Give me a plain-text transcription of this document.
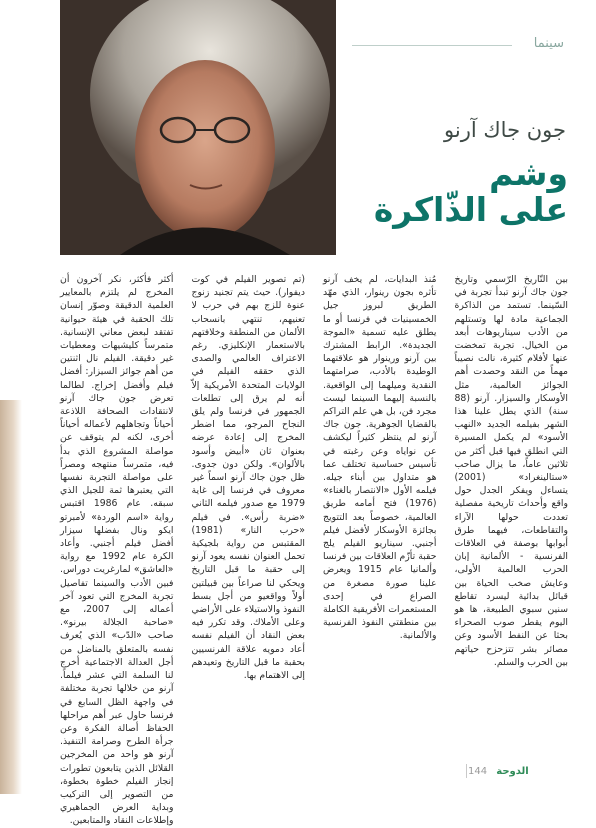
سينما
جون جاك آرنو
وشم
على الذّاكرة

بين التّاريخ الرّسمي وتاريخ جون جاك آرنو تبدأ تجربة في السّينما. تستمد من الذاكرة الجماعية مادة لها وتستلهم من الأدب سيناريوهات أبعد من الخيال. تجربة تمخضت عنها لأفلام كثيرة، نالت نصيباً مهماً من النقد وحصدت أهم الجوائز العالمية، مثل الأوسكار والسيزار. آرنو (88 سنة) الذي يطل علينا هذا الشهر بفيلمه الجديد «النهب الأسود» لم يكمل المسيرة التي انطلق فيها قبل أكثر من ثلاثين عاماً، ما يزال صاحب «ستالينغراد» (2001) يتساءل ويفكر الجدل حول واقع وأحداث تاريخية مفصلية تعددت حولها الآراء والتقاطعات، فيهما طرق أبوابها بوصفة في العلاقات الفرنسية - الألمانية إبان الحرب العالمية الأولى، وعايش صخب الحياة بين قبائل بدائية ليسرد تقاطع سنين سبوي الطبيعة، ها هو اليوم يقطر صوب الصحراء بحثا عن النفط الأسود وعن مصائر بشر تتزحزح حياتهم بين الحرب والسلم.

مُنذ البدايات، لم يخف آرنو تأثره بجون رينوار، الذي مهّد الطريق لبروز جيل الخمسينيات في فرنسا أو ما يطلق عليه تسمية «الموجة الجديدة». الرابط المشترك بين آرنو ورينوار هو علاقتهما الوطيدة بالأدب، صرامتهما النقدية وميلهما إلى الواقعية. بالنسبة إليهما السينما ليست مجرد فن، بل هي علم التراكم بالقضايا الجوهرية. جون جاك آرنو لم ينتظر كثيراً ليكشف عن نواياه وعن رغبته في تأسيس حساسية تختلف عما هو متداول بين أبناء جيله. فيلمه الأول «الانتصار بالغناء» (1976) فتح أمامه طريق العالمية، خصوصاً بعد التتويج بجائزة الأوسكار لأفضل فيلم أجنبي. سيناريو الفيلم يلج حقبة تأزّم العلاقات بين فرنسا وألمانيا عام 1915 ويعرض علينا صورة مصغرة من الصراع في إحدى المستعمرات الأفريقية الكاملة بين منطقتي النفوذ الفرنسية والألمانية.

(تم تصوير الفيلم في كوت ديفوار). حيث يتم تجنيد زنوج عنوة للزج بهم في حرب لا تعنيهم، تنتهي بانسحاب الألمان من المنطقة وخلافتهم بالاستعمار الإنكليزي. رغم الاعتراف العالمي والصدى الذي حققه الفيلم في الولايات المتحدة الأمريكية إلاّ أنه لم يرق إلى تطلعات الجمهور في فرنسا ولم يلق النجاح المرجو، مما اضطر المخرج إلى إعادة عرضه بعنوان ثان «أبيض وأسود بالألوان». ولكن دون جدوى. ظل جون جاك آرنو اسماً غير معروف في فرنسا إلى غاية 1979 مع صدور فيلمه الثاني «ضربة رأس». في فيلم «حرب النار» (1981) المقتبس من رواية بلجيكية تحمل العنوان نفسه يعود آرنو إلى حقبة ما قبل التاريخ ويحكي لنا صراعاً بين قبيلتين أولاً وواقعيو من أجل بسط النفوذ والاستيلاء على الأراضي وعلى الأملاك. وقد تكرر فيه بعض النقاد أن الفيلم نفسه أعاد دمويه علاقة الفرنسيين بحقبة ما قبل التاريخ وتعيدهم إلى الاهتمام بها.

أكثر فأكثر، نكر آخرون أن المخرج لم يلتزم بالمعايير العلمية الدقيقة وصوّر إنسان تلك الحقبة في هيئة حيوانية تفتقد لبعض معاني الإنسانية. متمرساً كليشيهات ومعطيات غير دقيقة. الفيلم نال اثنتين من أهم جوائز السيزار: أفضل فيلم وأفضل إخراج. لطالما تعرض جون جاك آرنو لانتقادات الصحافة اللاذعة أحياناً وتجاهلهم لأعماله أحياناً أخرى، لكنه لم يتوقف عن مواصلة المشروع الذي بدأ فيه، متمرساً منتهجه ومصراً على مواصلة التجربة نفسها التي يعتبرها ثمة للجيل الذي سبقه. عام 1986 اقتبس رواية «اسم الوردة» لأمبرتو ايكو ونال بفضلها سيزار أفضل فيلم أجنبي. وأعاد الكرة عام 1992 مع رواية «العاشق» لمارغريت دوراس. فبين الأدب والسينما تفاصيل تجربة المخرج التي تعود آخر أعماله إلى 2007، مع «صاحبة الجلالة بيرنو». صاحب «الدّب» الذي يُعرف نفسه بالمتعلق بالمناضل من أجل العدالة الاجتماعية أخرج لنا السلمة التي عشر فيلماً. آرنو من خلالها تجربة مختلفة في واجهة الظل السابع في فرنسا حاول عبر أهم مراحلها الحفاظ أصالة الفكرة وعن جرأة الطرح وصرامة التنفيذ. آرنو هو واحد من المخرجين القلائل الذين يتابعون تطورات إنجاز الفيلم خطوة بخطوة، من التصوير إلى التركيب وبداية العرض الجماهيري وإطلاعات النقاد والمتابعين.

الدوحة 144
